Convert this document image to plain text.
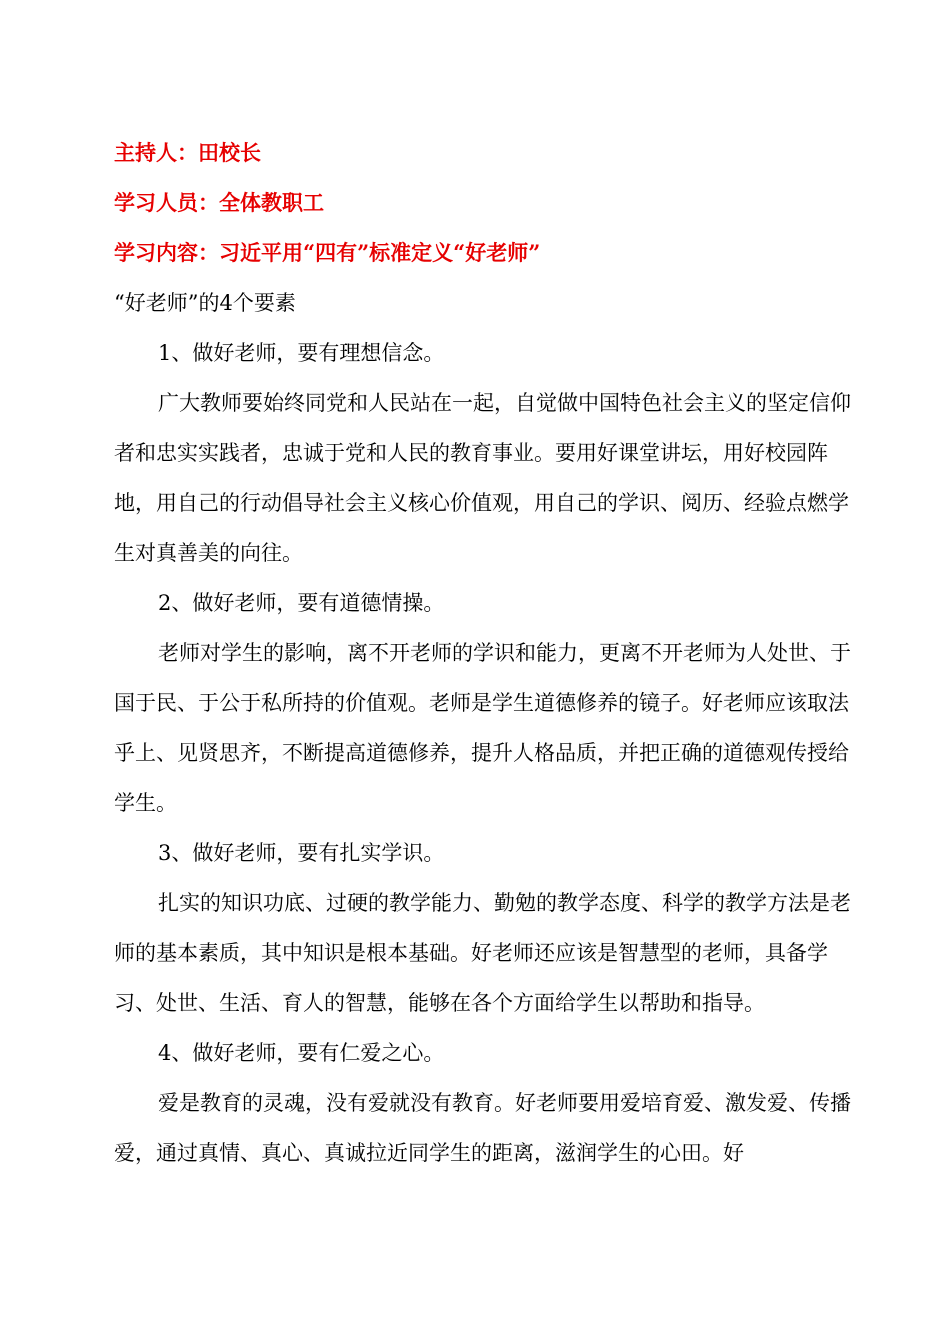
主持人：田校长
学习人员：全体教职工
学习内容：习近平用“四有”标准定义“好老师”
“好老师”的4个要素
1、做好老师，要有理想信念。

广大教师要始终同党和人民站在一起，自觉做中国特色社会主义的坚定信仰者和忠实实践者，忠诚于党和人民的教育事业。要用好课堂讲坛，用好校园阵地，用自己的行动倡导社会主义核心价值观，用自己的学识、阅历、经验点燃学生对真善美的向往。

2、做好老师，要有道德情操。

老师对学生的影响，离不开老师的学识和能力，更离不开老师为人处世、于国于民、于公于私所持的价值观。老师是学生道德修养的镜子。好老师应该取法乎上、见贤思齐，不断提高道德修养，提升人格品质，并把正确的道德观传授给学生。

3、做好老师，要有扎实学识。

扎实的知识功底、过硬的教学能力、勤勉的教学态度、科学的教学方法是老师的基本素质，其中知识是根本基础。好老师还应该是智慧型的老师，具备学习、处世、生活、育人的智慧，能够在各个方面给学生以帮助和指导。

4、做好老师，要有仁爱之心。

爱是教育的灵魂，没有爱就没有教育。好老师要用爱培育爱、激发爱、传播爱，通过真情、真心、真诚拉近同学生的距离，滋润学生的心田。好
